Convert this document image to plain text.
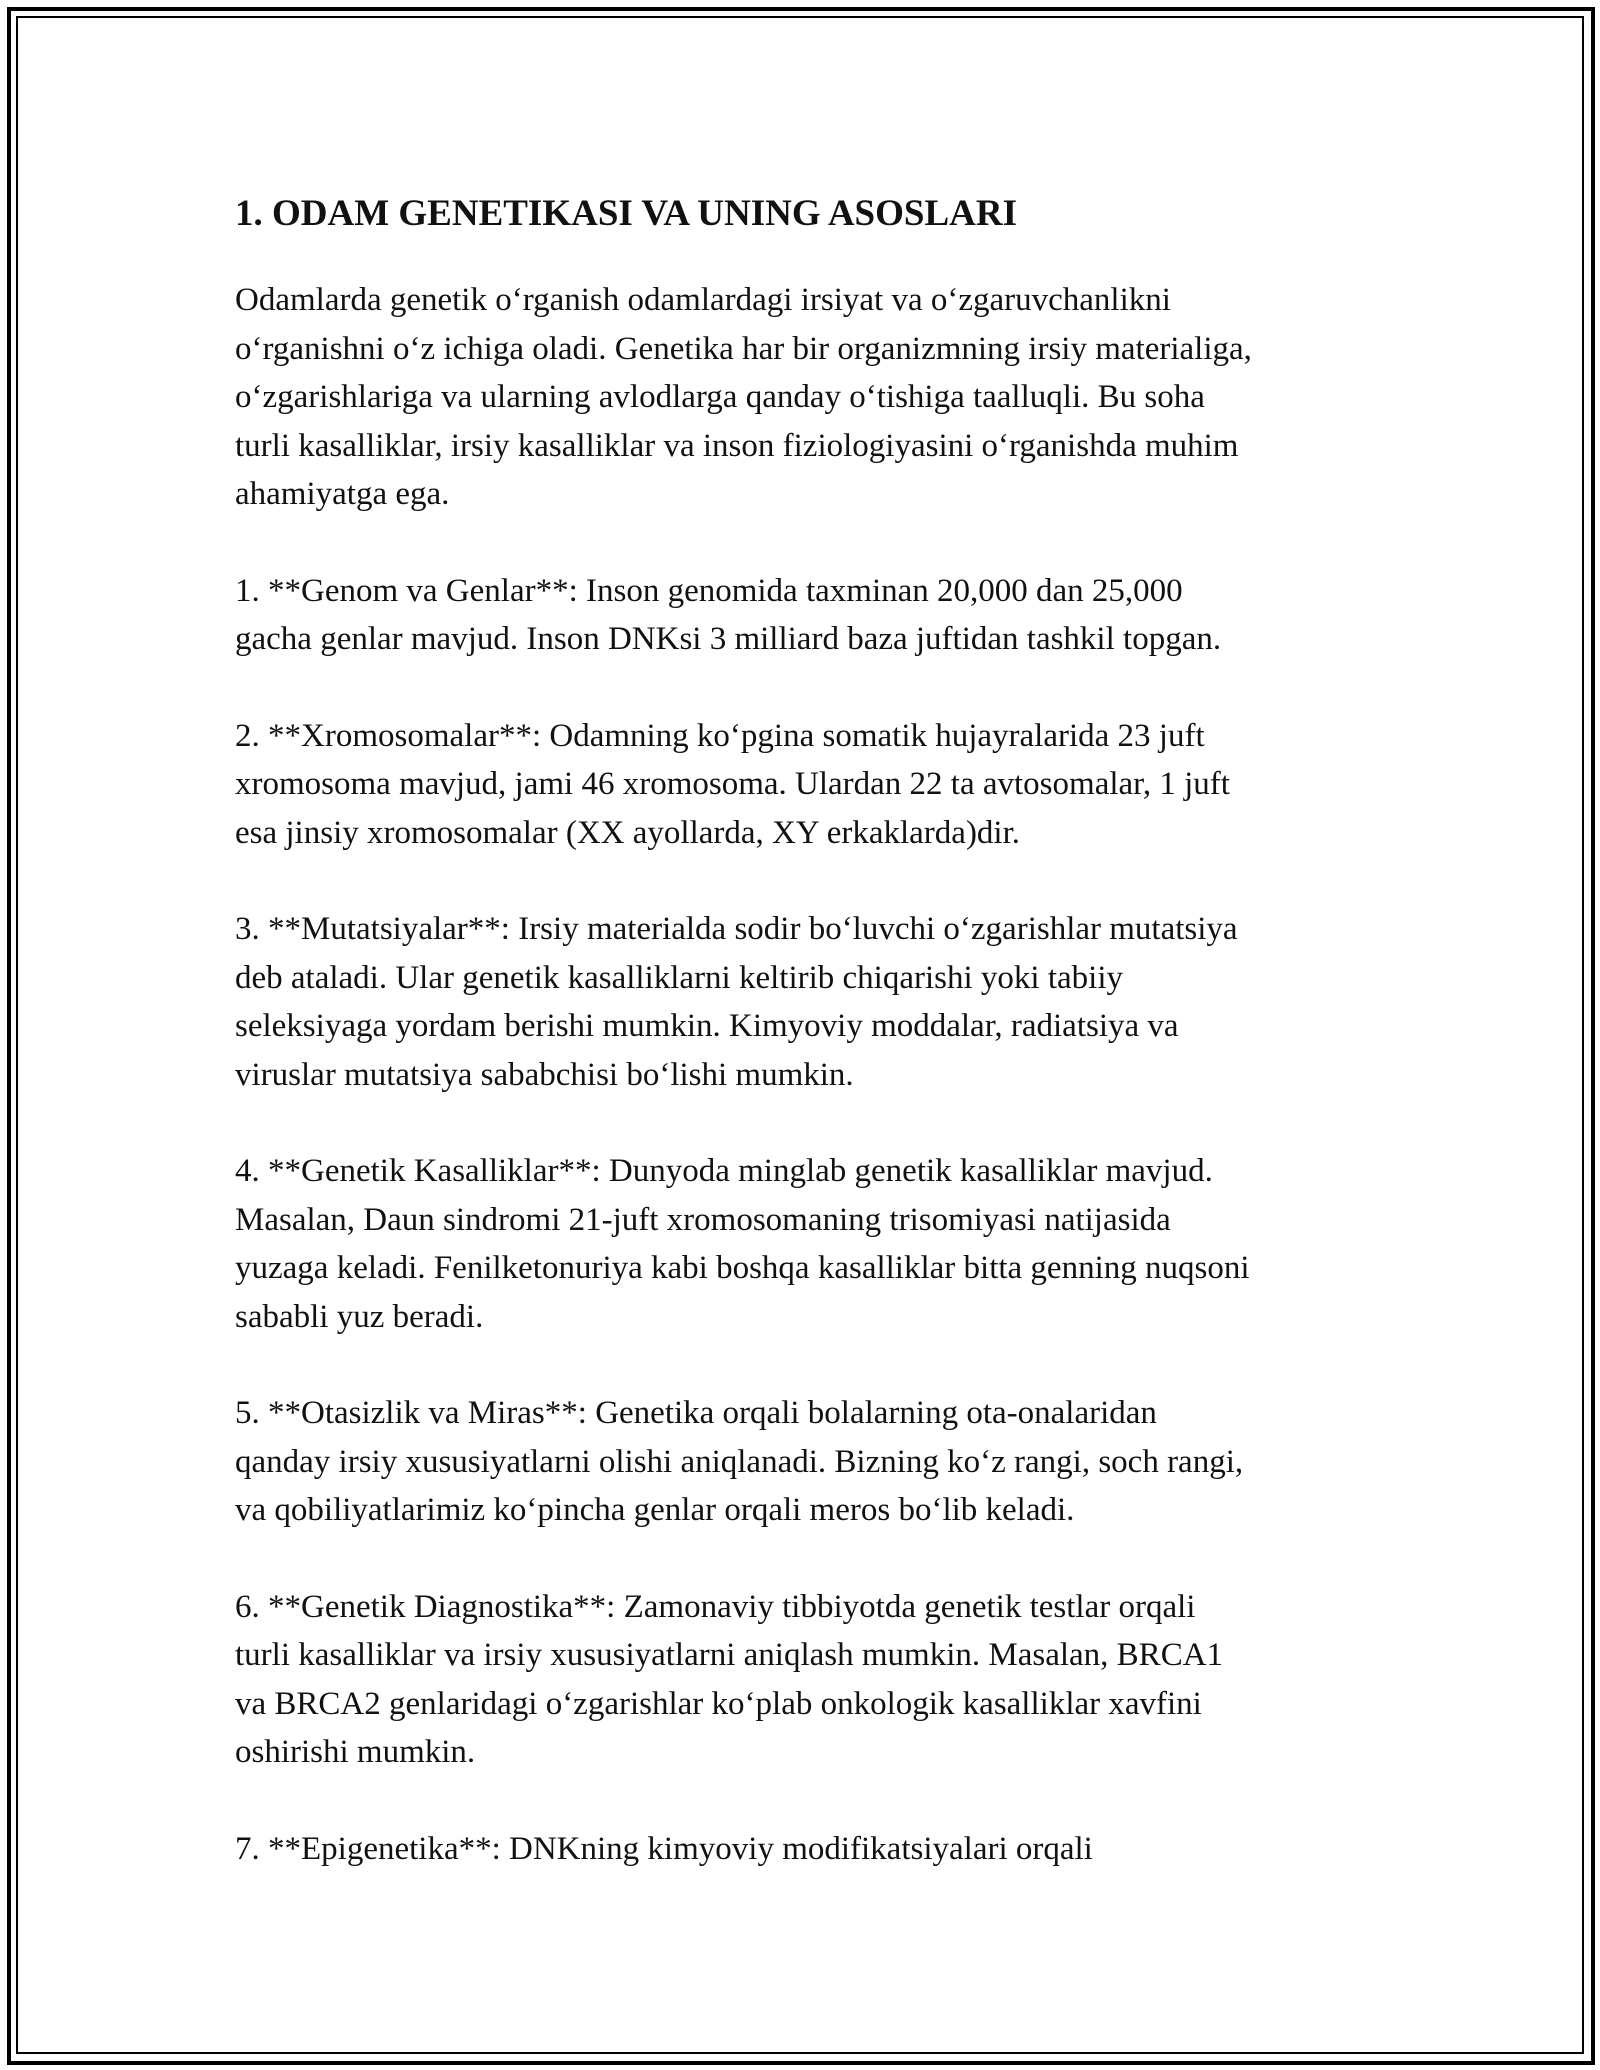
1. ODAM GENETIKASI VA UNING ASOSLARI

Odamlarda genetik oʻrganish odamlardagi irsiyat va oʻzgaruvchanlikni
oʻrganishni oʻz ichiga oladi. Genetika har bir organizmning irsiy materialiga,
oʻzgarishlariga va ularning avlodlarga qanday oʻtishiga taalluqli. Bu soha
turli kasalliklar, irsiy kasalliklar va inson fiziologiyasini oʻrganishda muhim
ahamiyatga ega.

1. **Genom va Genlar**: Inson genomida taxminan 20,000 dan 25,000
gacha genlar mavjud. Inson DNKsi 3 milliard baza juftidan tashkil topgan.

2. **Xromosomalar**: Odamning koʻpgina somatik hujayralarida 23 juft
xromosoma mavjud, jami 46 xromosoma. Ulardan 22 ta avtosomalar, 1 juft
esa jinsiy xromosomalar (XX ayollarda, XY erkaklarda)dir.

3. **Mutatsiyalar**: Irsiy materialda sodir boʻluvchi oʻzgarishlar mutatsiya
deb ataladi. Ular genetik kasalliklarni keltirib chiqarishi yoki tabiiy
seleksiyaga yordam berishi mumkin. Kimyoviy moddalar, radiatsiya va
viruslar mutatsiya sababchisi boʻlishi mumkin.

4. **Genetik Kasalliklar**: Dunyoda minglab genetik kasalliklar mavjud.
Masalan, Daun sindromi 21-juft xromosomaning trisomiyasi natijasida
yuzaga keladi. Fenilketonuriya kabi boshqa kasalliklar bitta genning nuqsoni
sababli yuz beradi.

5. **Otasizlik va Miras**: Genetika orqali bolalarning ota-onalaridan
qanday irsiy xususiyatlarni olishi aniqlanadi. Bizning koʻz rangi, soch rangi,
va qobiliyatlarimiz koʻpincha genlar orqali meros boʻlib keladi.

6. **Genetik Diagnostika**: Zamonaviy tibbiyotda genetik testlar orqali
turli kasalliklar va irsiy xususiyatlarni aniqlash mumkin. Masalan, BRCA1
va BRCA2 genlaridagi oʻzgarishlar koʻplab onkologik kasalliklar xavfini
oshirishi mumkin.

7. **Epigenetika**: DNKning kimyoviy modifikatsiyalari orqali
